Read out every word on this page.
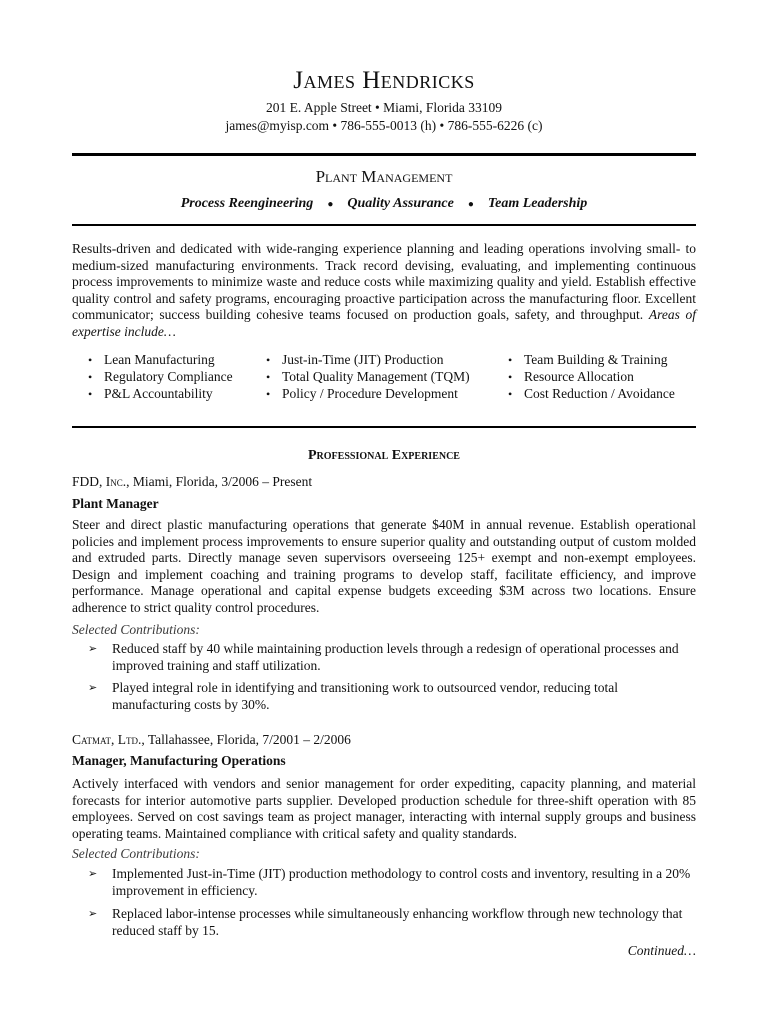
James Hendricks
201 E. Apple Street • Miami, Florida 33109
james@myisp.com • 786-555-0013 (h) • 786-555-6226 (c)
Plant Management
Process Reengineering ● Quality Assurance ● Team Leadership
Results-driven and dedicated with wide-ranging experience planning and leading operations involving small- to medium-sized manufacturing environments. Track record devising, evaluating, and implementing continuous process improvements to minimize waste and reduce costs while maximizing quality and yield. Establish effective quality control and safety programs, encouraging proactive participation across the manufacturing floor. Excellent communicator; success building cohesive teams focused on production goals, safety, and throughput. Areas of expertise include…
• Lean Manufacturing
• Regulatory Compliance
• P&L Accountability
• Just-in-Time (JIT) Production
• Total Quality Management (TQM)
• Policy / Procedure Development
• Team Building & Training
• Resource Allocation
• Cost Reduction / Avoidance
Professional Experience
FDD, Inc., Miami, Florida, 3/2006 – Present
Plant Manager
Steer and direct plastic manufacturing operations that generate $40M in annual revenue. Establish operational policies and implement process improvements to ensure superior quality and outstanding output of custom molded and extruded parts. Directly manage seven supervisors overseeing 125+ exempt and non-exempt employees. Design and implement coaching and training programs to develop staff, facilitate efficiency, and improve performance. Manage operational and capital expense budgets exceeding $3M across two locations. Ensure adherence to strict quality control procedures.
Selected Contributions:
➢ Reduced staff by 40 while maintaining production levels through a redesign of operational processes and improved training and staff utilization.
➢ Played integral role in identifying and transitioning work to outsourced vendor, reducing total manufacturing costs by 30%.
Catmat, Ltd., Tallahassee, Florida, 7/2001 – 2/2006
Manager, Manufacturing Operations
Actively interfaced with vendors and senior management for order expediting, capacity planning, and material forecasts for interior automotive parts supplier. Developed production schedule for three-shift operation with 85 employees. Served on cost savings team as project manager, interacting with internal supply groups and business operating teams. Maintained compliance with critical safety and quality standards.
Selected Contributions:
➢ Implemented Just-in-Time (JIT) production methodology to control costs and inventory, resulting in a 20% improvement in efficiency.
➢ Replaced labor-intense processes while simultaneously enhancing workflow through new technology that reduced staff by 15.
Continued…
